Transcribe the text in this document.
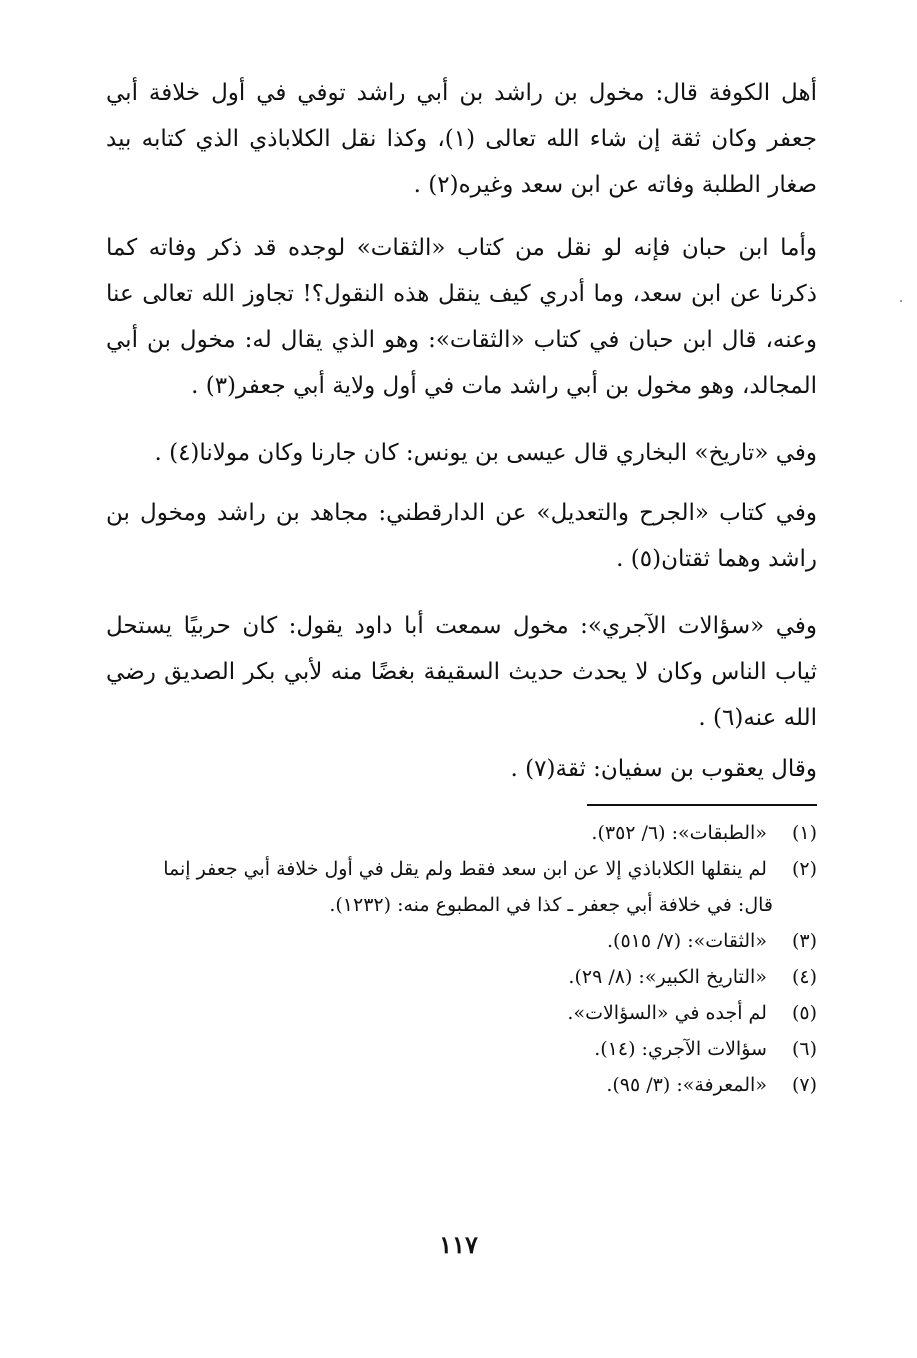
أهل الكوفة قال: مخول بن راشد بن أبي راشد توفي في أول خلافة أبي جعفر وكان ثقة إن شاء الله تعالى (١)، وكذا نقل الكلاباذي الذي كتابه بيد صغار الطلبة وفاته عن ابن سعد وغيره(٢) .

وأما ابن حبان فإنه لو نقل من كتاب «الثقات» لوجده قد ذكر وفاته كما ذكرنا عن ابن سعد، وما أدري كيف ينقل هذه النقول؟! تجاوز الله تعالى عنا وعنه، قال ابن حبان في كتاب «الثقات»: وهو الذي يقال له: مخول بن أبي المجالد، وهو مخول بن أبي راشد مات في أول ولاية أبي جعفر(٣) .

وفي «تاريخ» البخاري قال عيسى بن يونس: كان جارنا وكان مولانا(٤) .

وفي كتاب «الجرح والتعديل» عن الدارقطني: مجاهد بن راشد ومخول بن راشد وهما ثقتان(٥) .

وفي «سؤالات الآجري»: مخول سمعت أبا داود يقول: كان حربيًا يستحل ثياب الناس وكان لا يحدث حديث السقيفة بغضًا منه لأبي بكر الصديق رضي الله عنه(٦) .

وقال يعقوب بن سفيان: ثقة(٧) .

(١) «الطبقات»: (٦/ ٣٥٢).
(٢) لم ينقلها الكلاباذي إلا عن ابن سعد فقط ولم يقل في أول خلافة أبي جعفر إنما
قال: في خلافة أبي جعفر ـ كذا في المطبوع منه: (١٢٣٢).
(٣) «الثقات»: (٧/ ٥١٥).
(٤) «التاريخ الكبير»: (٨/ ٢٩).
(٥) لم أجده في «السؤالات».
(٦) سؤالات الآجري: (١٤).
(٧) «المعرفة»: (٣/ ٩٥).
١١٧
